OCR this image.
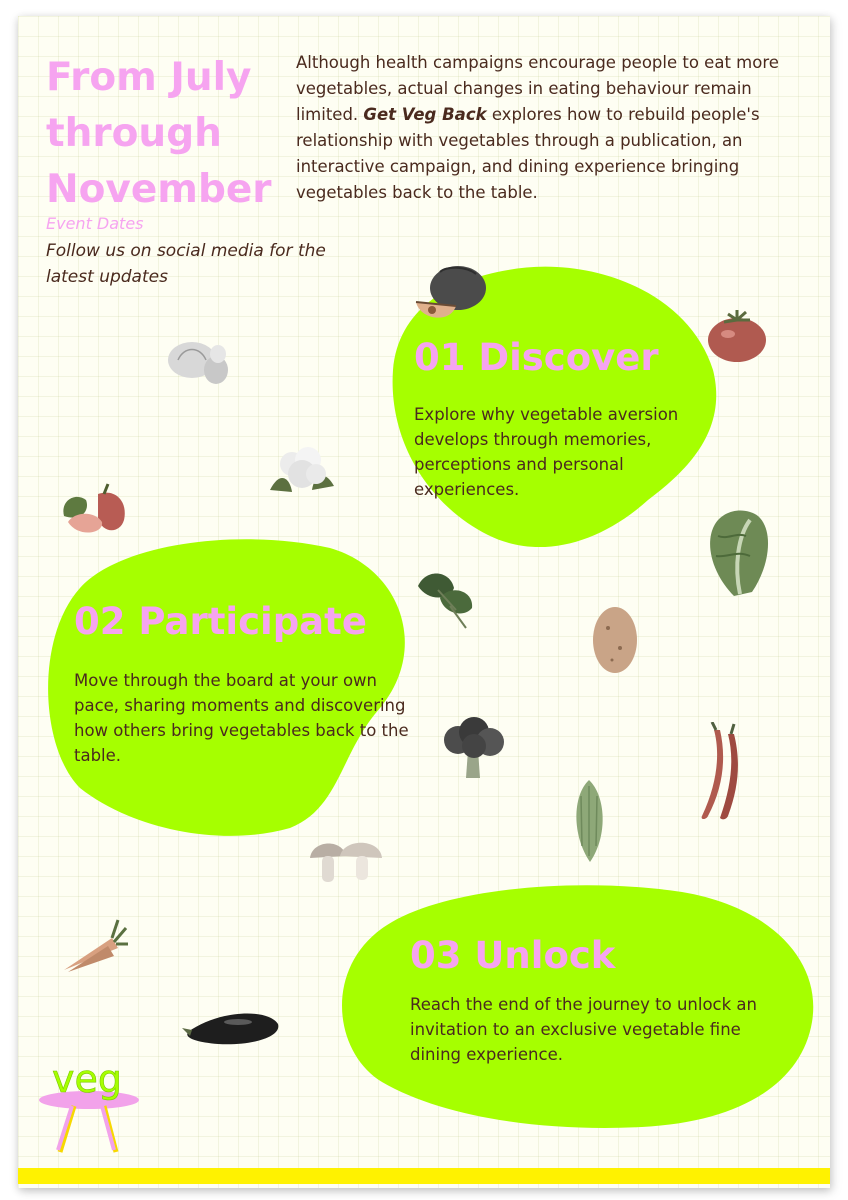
From July
through
November
Event Dates
Follow us on social media for the latest updates
Although health campaigns encourage people to eat more vegetables, actual changes in eating behaviour remain limited. Get Veg Back explores how to rebuild people's relationship with vegetables through a publication, an interactive campaign, and dining experience bringing vegetables back to the table.
01 Discover
Explore why vegetable aversion develops through memories, perceptions and personal experiences.
02 Participate
Move through the board at your own pace, sharing moments and discovering how others bring vegetables back to the table.
03 Unlock
Reach the end of the journey to unlock an invitation to an exclusive vegetable fine dining experience.
veg
